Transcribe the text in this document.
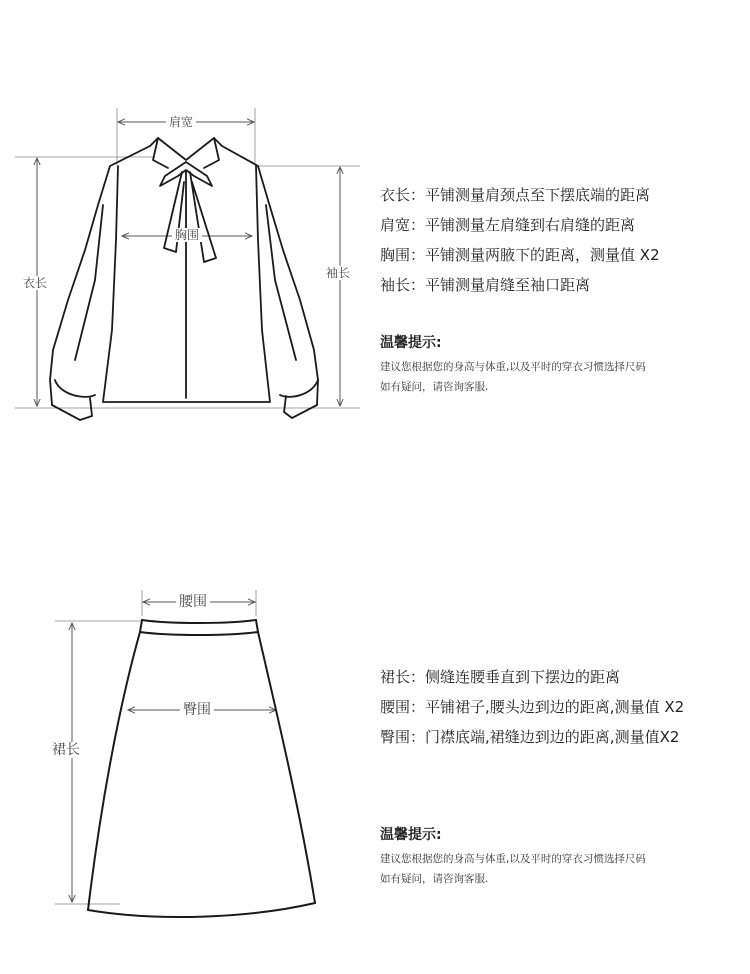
肩宽
胸围
衣长
袖长
衣长：平铺测量肩颈点至下摆底端的距离
肩宽：平铺测量左肩缝到右肩缝的距离
胸围：平铺测量两腋下的距离，测量值 X2
袖长：平铺测量肩缝至袖口距离
温馨提示:
建议您根据您的身高与体重,以及平时的穿衣习惯选择尺码
如有疑问，请咨询客服.
腰围
臀围
裙长
裙长：侧缝连腰垂直到下摆边的距离
腰围：平铺裙子,腰头边到边的距离,测量值 X2
臀围：门襟底端,裙缝边到边的距离,测量值X2
温馨提示:
建议您根据您的身高与体重,以及平时的穿衣习惯选择尺码
如有疑问，请咨询客服.
